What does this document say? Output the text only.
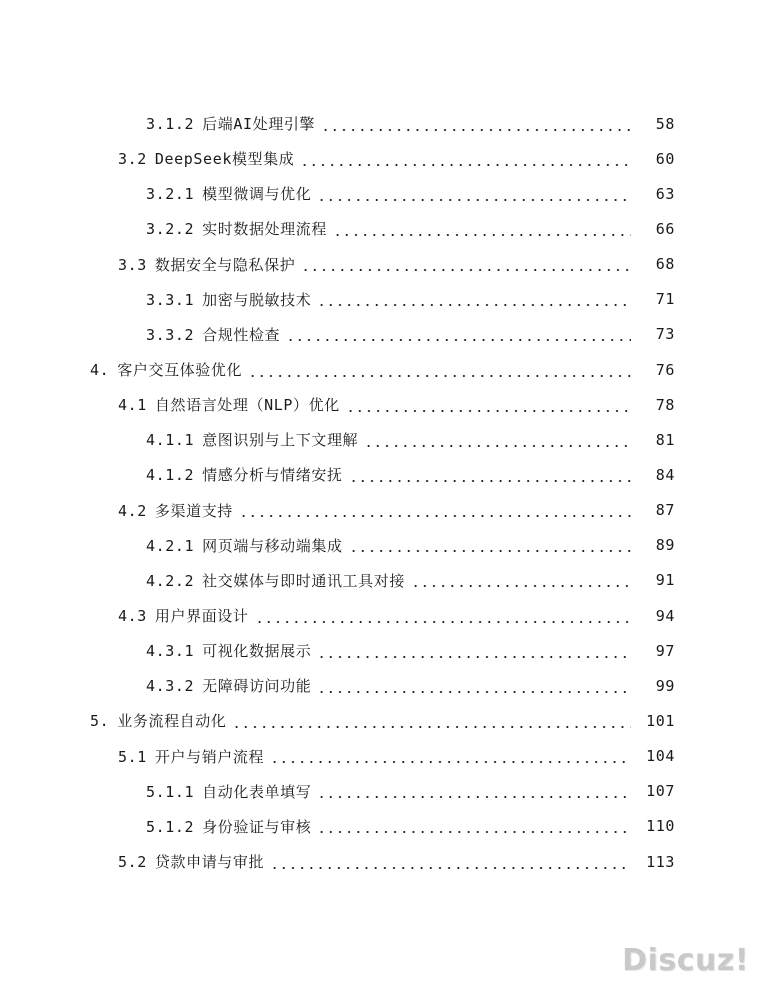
3.1.2 后端AI处理引擎	58
3.2 DeepSeek模型集成	60
3.2.1 模型微调与优化	63
3.2.2 实时数据处理流程	66
3.3 数据安全与隐私保护	68
3.3.1 加密与脱敏技术	71
3.3.2 合规性检查	73
4. 客户交互体验优化	76
4.1 自然语言处理（NLP）优化	78
4.1.1 意图识别与上下文理解	81
4.1.2 情感分析与情绪安抚	84
4.2 多渠道支持	87
4.2.1 网页端与移动端集成	89
4.2.2 社交媒体与即时通讯工具对接	91
4.3 用户界面设计	94
4.3.1 可视化数据展示	97
4.3.2 无障碍访问功能	99
5. 业务流程自动化	101
5.1 开户与销户流程	104
5.1.1 自动化表单填写	107
5.1.2 身份验证与审核	110
5.2 贷款申请与审批	113
Discuz!
